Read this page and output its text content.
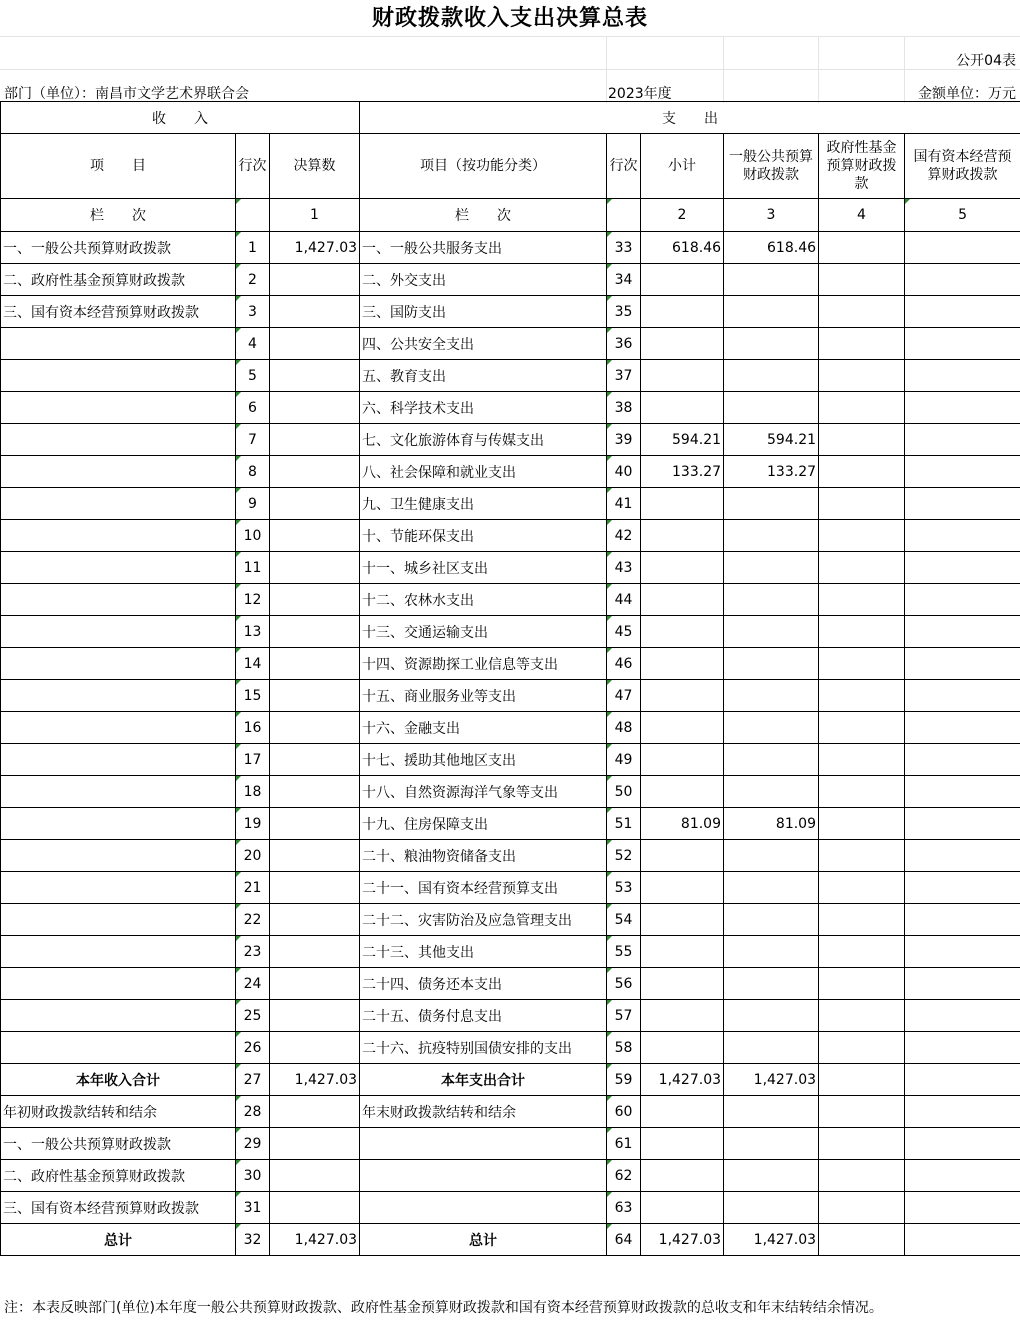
财政拨款收入支出决算总表
公开04表
部门（单位）：南昌市文学艺术界联合会	2023年度	金额单位：万元
收　　入			支　　出					
项　　目	行次	决算数	项目（按功能分类）	行次	小计	一般公共预算财政拨款	政府性基金预算财政拨款	国有资本经营预算财政拨款
栏　　次		1	栏　　次		2	3	4	5
一、一般公共预算财政拨款	1	1,427.03	一、一般公共服务支出	33	618.46	618.46		
二、政府性基金预算财政拨款	2		二、外交支出	34				
三、国有资本经营预算财政拨款	3		三、国防支出	35				
	4		四、公共安全支出	36				
	5		五、教育支出	37				
	6		六、科学技术支出	38				
	7		七、文化旅游体育与传媒支出	39	594.21	594.21		
	8		八、社会保障和就业支出	40	133.27	133.27		
	9		九、卫生健康支出	41				
	10		十、节能环保支出	42				
	11		十一、城乡社区支出	43				
	12		十二、农林水支出	44				
	13		十三、交通运输支出	45				
	14		十四、资源勘探工业信息等支出	46				
	15		十五、商业服务业等支出	47				
	16		十六、金融支出	48				
	17		十七、援助其他地区支出	49				
	18		十八、自然资源海洋气象等支出	50				
	19		十九、住房保障支出	51	81.09	81.09		
	20		二十、粮油物资储备支出	52				
	21		二十一、国有资本经营预算支出	53				
	22		二十二、灾害防治及应急管理支出	54				
	23		二十三、其他支出	55				
	24		二十四、债务还本支出	56				
	25		二十五、债务付息支出	57				
	26		二十六、抗疫特别国债安排的支出	58				
本年收入合计	27	1,427.03	本年支出合计	59	1,427.03	1,427.03		
年初财政拨款结转和结余	28		年末财政拨款结转和结余	60				
一、一般公共预算财政拨款	29			61				
二、政府性基金预算财政拨款	30			62				
三、国有资本经营预算财政拨款	31			63				
总计	32	1,427.03	总计	64	1,427.03	1,427.03		
注：本表反映部门(单位)本年度一般公共预算财政拨款、政府性基金预算财政拨款和国有资本经营预算财政拨款的总收支和年末结转结余情况。
